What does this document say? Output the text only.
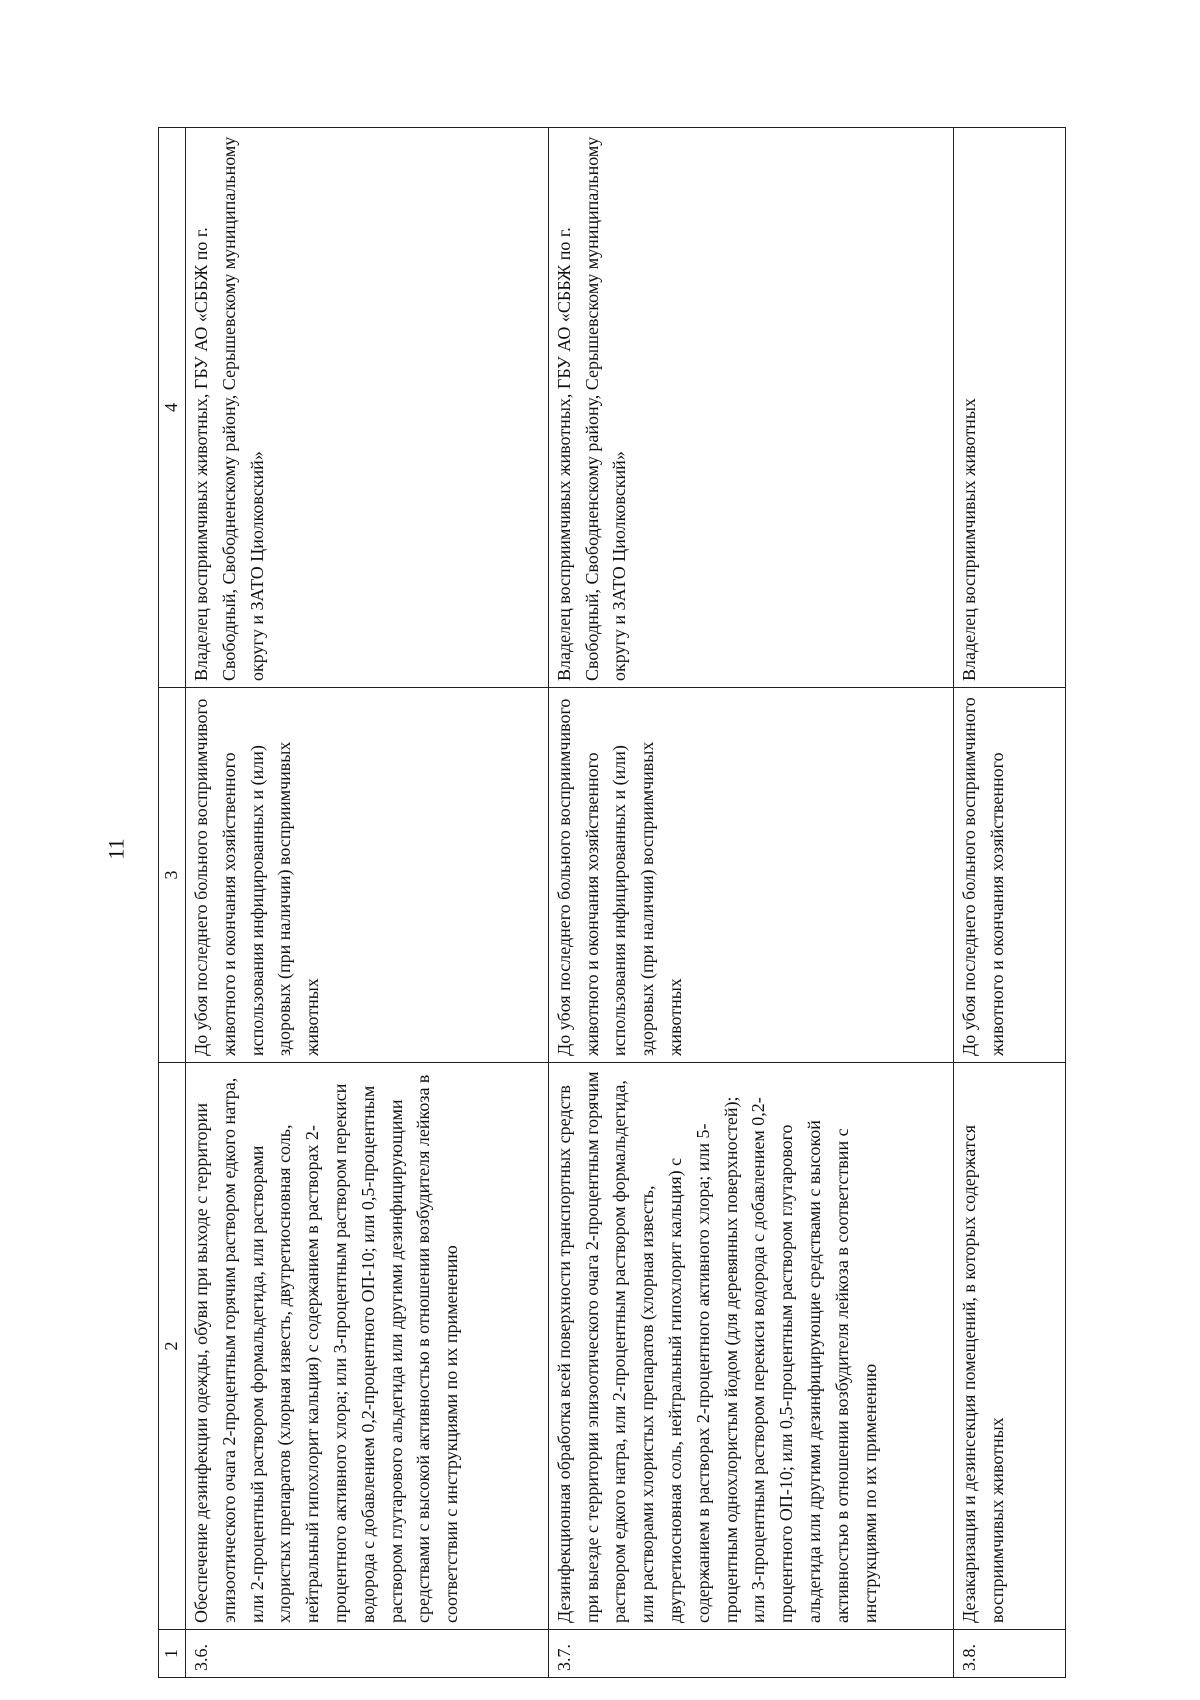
11
1	2	3	4
3.6.	Обеспечение дезинфекции одежды, обуви при выходе с территории эпизоотического очага 2-процентным горячим раствором едкого натра, или 2-процентный раствором формальдегида, или растворами хлористых препаратов (хлорная известь, двутретиосновная соль, нейтральный гипохлорит кальция) с содержанием в растворах 2-процентного активного хлора; или 3-процентным раствором перекиси водорода с добавлением 0,2-процентного ОП-10; или 0,5-процентным раствором глутарового альдегида или другими дезинфицирующими средствами с высокой активностью в отношении возбудителя лейкоза в соответствии с инструкциями по их применению	До убоя последнего больного восприимчивого животного и окончания хозяйственного использования инфицированных и (или) здоровых (при наличии) восприимчивых животных	Владелец восприимчивых животных, ГБУ АО «СББЖ по г. Свободный, Свободненскому району, Серышевскому муниципальному округу и ЗАТО Циолковский»
3.7.	Дезинфекционная обработка всей поверхности транспортных средств при выезде с территории эпизоотического очага 2-процентным горячим раствором едкого натра, или 2-процентным раствором формальдегида, или растворами хлористых препаратов (хлорная известь, двутретиосновная соль, нейтральный гипохлорит кальция) с содержанием в растворах 2-процентного активного хлора; или 5-процентным однохлористым йодом (для деревянных поверхностей); или 3-процентным раствором перекиси водорода с добавлением 0,2-процентного ОП-10; или 0,5-процентным раствором глутарового альдегида или другими дезинфицирующие средствами с высокой активностью в отношении возбудителя лейкоза в соответствии с инструкциями по их применению	До убоя последнего больного восприимчивого животного и окончания хозяйственного использования инфицированных и (или) здоровых (при наличии) восприимчивых животных	Владелец восприимчивых животных, ГБУ АО «СББЖ по г. Свободный, Свободненскому району, Серышевскому муниципальному округу и ЗАТО Циолковский»
3.8.	Дезакаризация и дезинсекция помещений, в которых содержатся восприимчивых животных	До убоя последнего больного восприимчиного животного и окончания хозяйственного	Владелец восприимчивых животных
